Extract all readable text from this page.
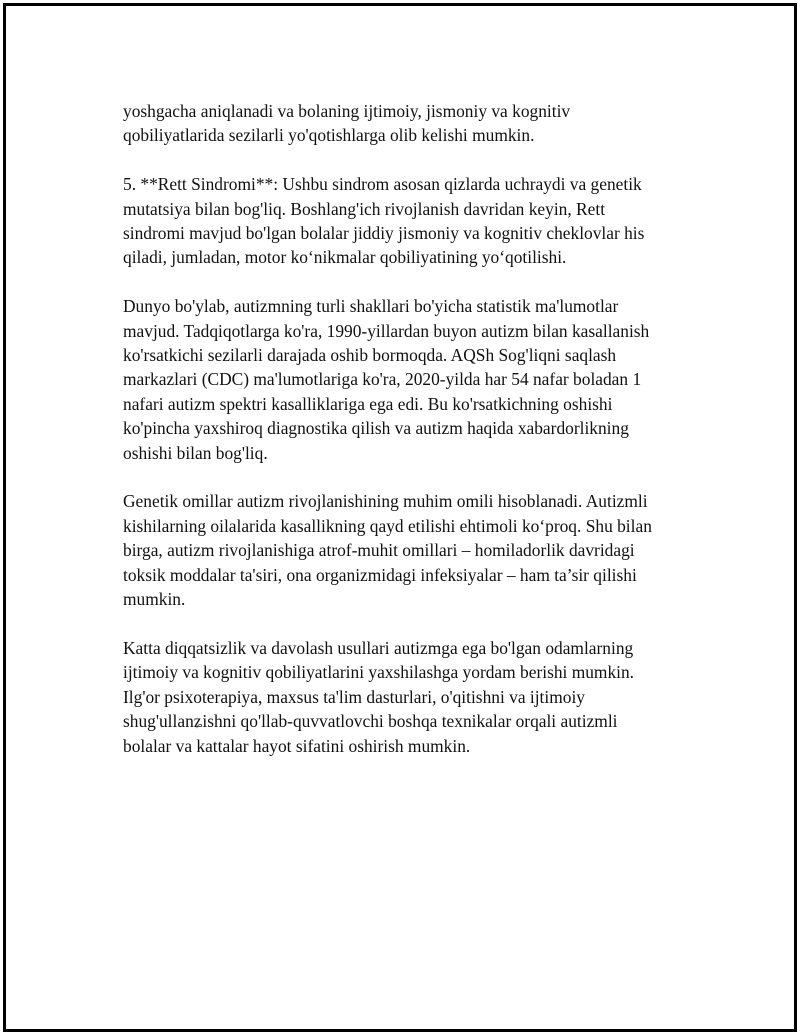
yoshgacha aniqlanadi va bolaning ijtimoiy, jismoniy va kognitiv
qobiliyatlarida sezilarli yo'qotishlarga olib kelishi mumkin.

5. **Rett Sindromi**: Ushbu sindrom asosan qizlarda uchraydi va genetik
mutatsiya bilan bog'liq. Boshlang'ich rivojlanish davridan keyin, Rett
sindromi mavjud bo'lgan bolalar jiddiy jismoniy va kognitiv cheklovlar his
qiladi, jumladan, motor ko‘nikmalar qobiliyatining yo‘qotilishi.

Dunyo bo'ylab, autizmning turli shakllari bo'yicha statistik ma'lumotlar
mavjud. Tadqiqotlarga ko'ra, 1990-yillardan buyon autizm bilan kasallanish
ko'rsatkichi sezilarli darajada oshib bormoqda. AQSh Sog'liqni saqlash
markazlari (CDC) ma'lumotlariga ko'ra, 2020-yilda har 54 nafar boladan 1
nafari autizm spektri kasalliklariga ega edi. Bu ko'rsatkichning oshishi
ko'pincha yaxshiroq diagnostika qilish va autizm haqida xabardorlikning
oshishi bilan bog'liq.

Genetik omillar autizm rivojlanishining muhim omili hisoblanadi. Autizmli
kishilarning oilalarida kasallikning qayd etilishi ehtimoli ko‘proq. Shu bilan
birga, autizm rivojlanishiga atrof-muhit omillari – homiladorlik davridagi
toksik moddalar ta'siri, ona organizmidagi infeksiyalar – ham ta’sir qilishi
mumkin.

Katta diqqatsizlik va davolash usullari autizmga ega bo'lgan odamlarning
ijtimoiy va kognitiv qobiliyatlarini yaxshilashga yordam berishi mumkin.
Ilg'or psixoterapiya, maxsus ta'lim dasturlari, o'qitishni va ijtimoiy
shug'ullanʑishni qo'llab-quvvatlovchi boshqa texnikalar orqali autizmli
bolalar va kattalar hayot sifatini oshirish mumkin.
